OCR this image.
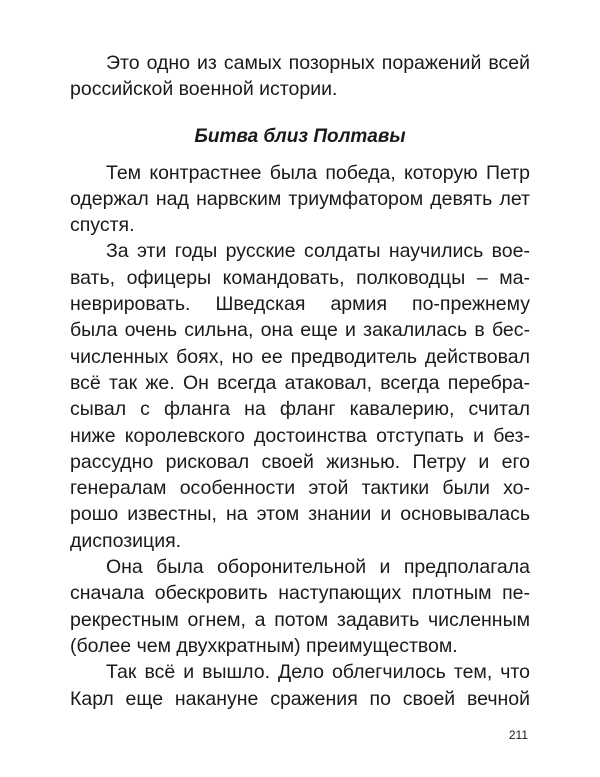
Это одно из самых позорных поражений всей
российской военной истории.
Битва близ Полтавы
Тем контрастнее была победа, которую Петр
одержал над нарвским триумфатором девять лет
спустя.
За эти годы русские солдаты научились вое-
вать, офицеры командовать, полководцы – ма-
неврировать. Шведская армия по-прежнему
была очень сильна, она еще и закалилась в бес-
численных боях, но ее предводитель действовал
всё так же. Он всегда атаковал, всегда перебра-
сывал с фланга на фланг кавалерию, считал
ниже королевского достоинства отступать и без-
рассудно рисковал своей жизнью. Петру и его
генералам особенности этой тактики были хо-
рошо известны, на этом знании и основывалась
диспозиция.
Она была оборонительной и предполагала
сначала обескровить наступающих плотным пе-
рекрестным огнем, а потом задавить численным
(более чем двухкратным) преимуществом.
Так всё и вышло. Дело облегчилось тем, что
Карл еще накануне сражения по своей вечной
211
